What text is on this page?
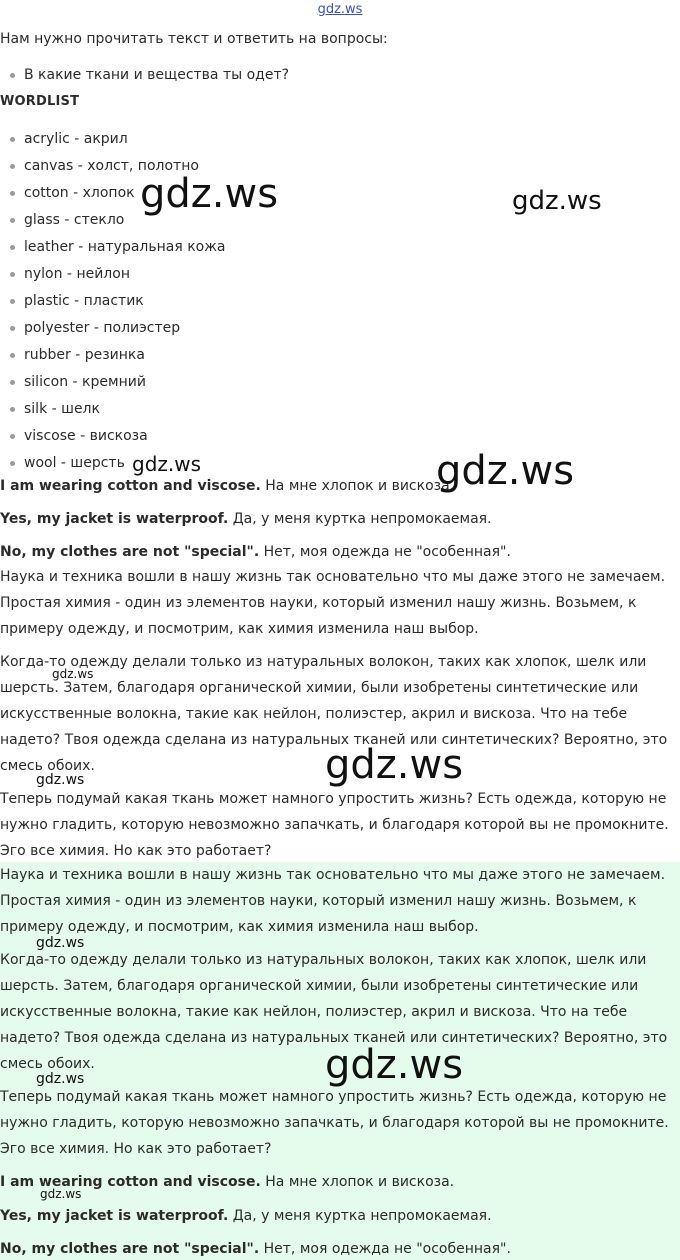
gdz.ws
Нам нужно прочитать текст и ответить на вопросы:
В какие ткани и вещества ты одет?
WORDLIST
acrylic - акрил
canvas - холст, полотно
cotton - хлопок
glass - стекло
leather - натуральная кожа
nylon - нейлон
plastic - пластик
polyester - полиэстер
rubber - резинка
silicon - кремний
silk - шелк
viscose - вискоза
wool - шерсть
I am wearing cotton and viscose. На мне хлопок и вискоза.
Yes, my jacket is waterproof. Да, у меня куртка непромокаемая.
No, my clothes are not "special". Нет, моя одежда не "особенная".
Наука и техника вошли в нашу жизнь так основательно что мы даже этого не замечаем.
Простая химия - один из элементов науки, который изменил нашу жизнь. Возьмем, к
примеру одежду, и посмотрим, как химия изменила наш выбор.
Когда-то одежду делали только из натуральных волокон, таких как хлопок, шелк или
шерсть. Затем, благодаря органической химии, были изобретены синтетические или
искусственные волокна, такие как нейлон, полиэстер, акрил и вискоза. Что на тебе
надето? Твоя одежда сделана из натуральных тканей или синтетических? Вероятно, это
смесь обоих.
Теперь подумай какая ткань может намного упростить жизнь? Есть одежда, которую не
нужно гладить, которую невозможно запачкать, и благодаря которой вы не промокните.
Эго все химия. Но как это работает?
Наука и техника вошли в нашу жизнь так основательно что мы даже этого не замечаем.
Простая химия - один из элементов науки, который изменил нашу жизнь. Возьмем, к
примеру одежду, и посмотрим, как химия изменила наш выбор.
Когда-то одежду делали только из натуральных волокон, таких как хлопок, шелк или
шерсть. Затем, благодаря органической химии, были изобретены синтетические или
искусственные волокна, такие как нейлон, полиэстер, акрил и вискоза. Что на тебе
надето? Твоя одежда сделана из натуральных тканей или синтетических? Вероятно, это
смесь обоих.
Теперь подумай какая ткань может намного упростить жизнь? Есть одежда, которую не
нужно гладить, которую невозможно запачкать, и благодаря которой вы не промокните.
Эго все химия. Но как это работает?
I am wearing cotton and viscose. На мне хлопок и вискоза.
Yes, my jacket is waterproof. Да, у меня куртка непромокаемая.
No, my clothes are not "special". Нет, моя одежда не "особенная".
gdz.ws	gdz.ws
gdz.ws
gdz.ws
gdz.ws
gdz.ws
gdz.ws
gdz.ws
gdz.ws
gdz.ws
gdz.ws
